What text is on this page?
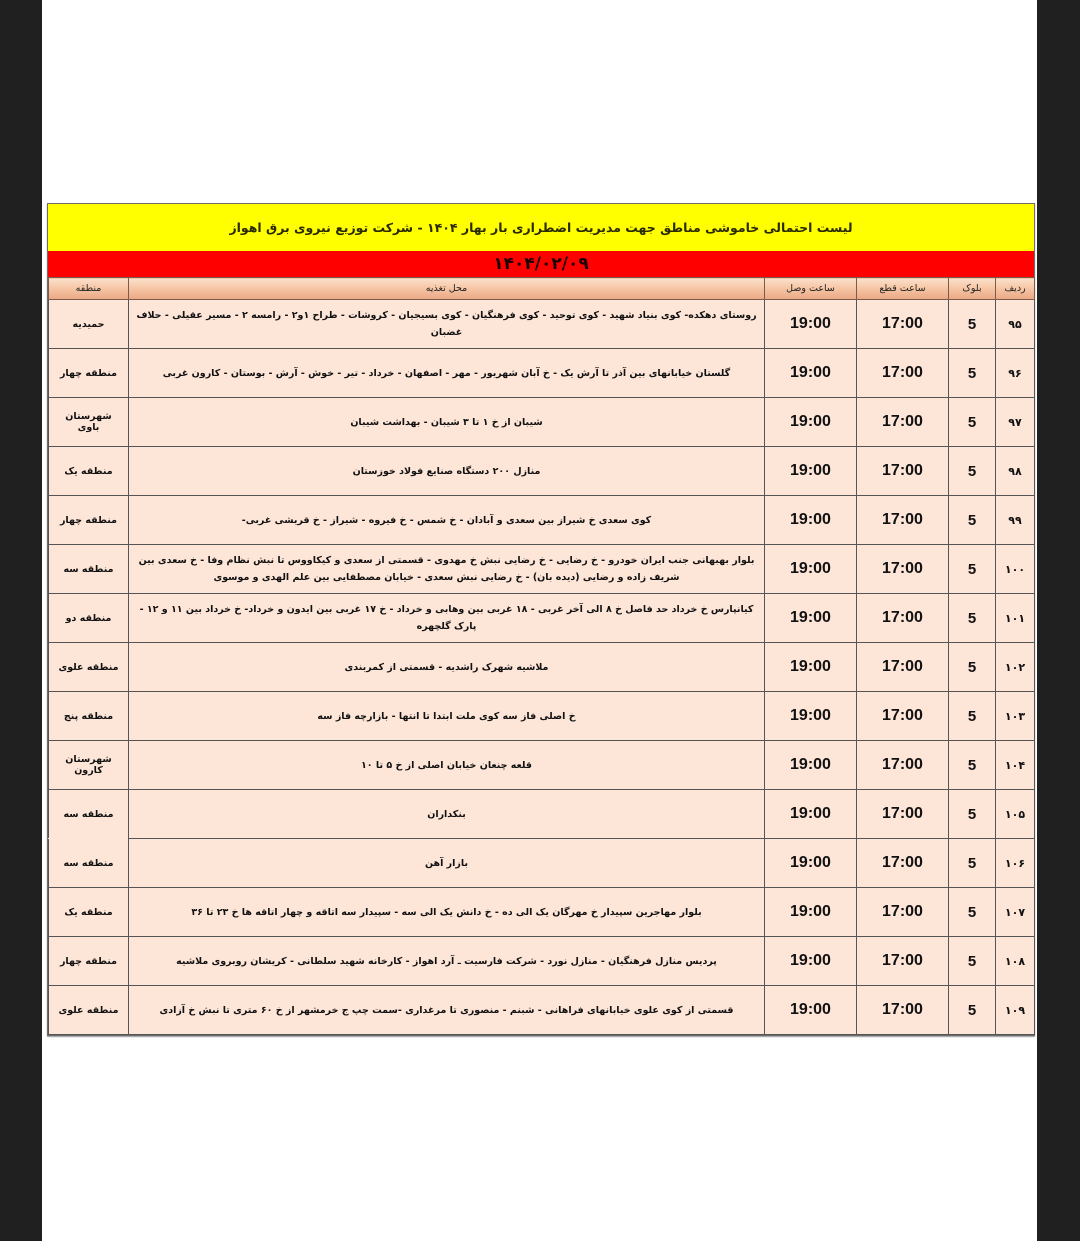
لیست احتمالی خاموشی مناطق جهت مدیریت اضطراری بار بهار ۱۴۰۴ - شرکت توزیع نیروی برق اهواز
۱۴۰۴/۰۲/۰۹
ردیف	بلوک	ساعت قطع	ساعت وصل	محل تغذیه	منطقه
۹۵	5	17:00	19:00	روستای دهکده- کوی بنیاد شهید - کوی توحید - کوی فرهنگیان - کوی بسیجیان - کروشات - طراح ۱و۲ - رامسه ۲ - مسیر عقیلی - حلاف غضبان	حمیدیه
۹۶	5	17:00	19:00	گلستان خیابانهای بین آذر تا آرش یک - خ آبان شهریور - مهر - اصفهان - خرداد - تیر - خوش - آرش - بوستان - کارون غربی	منطقه چهار
۹۷	5	17:00	19:00	شیبان از خ ۱ تا ۳ شیبان - بهداشت شیبان	شهرستان باوی
۹۸	5	17:00	19:00	منازل ۲۰۰ دستگاه صنایع فولاد خوزستان	منطقه یک
۹۹	5	17:00	19:00	کوی سعدی خ شیراز بین سعدی و آبادان - خ شمس - خ فیروه - شیراز - خ قریشی غربی-	منطقه چهار
۱۰۰	5	17:00	19:00	بلوار بهبهانی جنب ایران خودرو - خ رضایی - خ رضایی نبش خ مهدوی - قسمتی از سعدی و کیکاووس تا نبش نظام وفا - خ سعدی بین شریف زاده و رضایی (دیده بان) - خ رضایی نبش سعدی - خیابان مصطفایی بین علم الهدی و موسوی	منطقه سه
۱۰۱	5	17:00	19:00	کیانپارس خ خرداد حد فاصل خ ۸ الی آخر غربی - ۱۸ غربی بین وهابی و خرداد - خ ۱۷ غربی بین ایدون و خرداد- خ خرداد بین ۱۱ و ۱۲ - پارک گلچهره	منطقه دو
۱۰۲	5	17:00	19:00	ملاشیه شهرک راشدیه - قسمتی از کمربندی	منطقه علوی
۱۰۳	5	17:00	19:00	خ اصلی فاز سه کوی ملت ابتدا تا انتها - بازارچه فاز سه	منطقه پنج
۱۰۴	5	17:00	19:00	قلعه چنعان خیابان اصلی از خ ۵ تا ۱۰	شهرستان کارون
۱۰۵	5	17:00	19:00	بنکداران	منطقه سه
۱۰۶	5	17:00	19:00	بازار آهن	منطقه سه
۱۰۷	5	17:00	19:00	بلوار مهاجرین سپیدار خ مهرگان یک الی ده - خ دانش یک الی سه - سپیدار سه اتاقه و چهار اتاقه ها خ ۲۳ تا ۳۶	منطقه یک
۱۰۸	5	17:00	19:00	پردیس منازل فرهنگیان - منازل نورد - شرکت فارسیت ـ آرد اهواز - کارخانه شهید سلطانی - کریشان روبروی ملاشیه	منطقه چهار
۱۰۹	5	17:00	19:00	قسمتی از کوی علوی خیابانهای فراهانی - شبنم - منصوری تا مرغداری -سمت چپ ج خرمشهر از خ ۶۰ متری تا نبش خ آزادی	منطقه علوی
